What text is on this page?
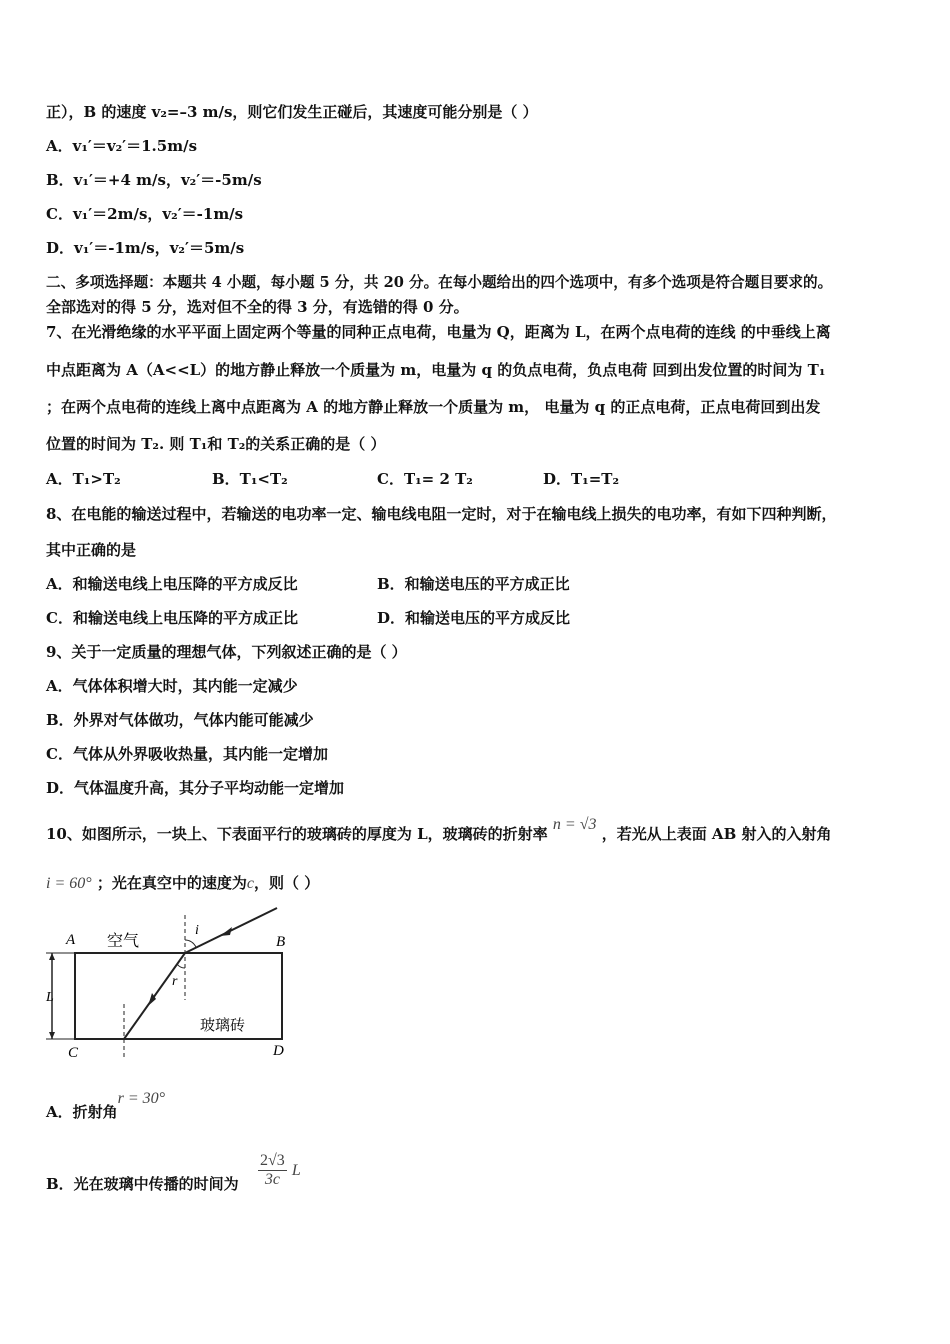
正），B 的速度 v₂=–3 m/s，则它们发生正碰后，其速度可能分别是（ ）
A．v₁′＝v₂′＝1.5m/s
B．v₁′＝+4 m/s，v₂′＝-5m/s
C．v₁′＝2m/s，v₂′＝-1m/s
D．v₁′＝-1m/s，v₂′＝5m/s
二、多项选择题：本题共 4 小题，每小题 5 分，共 20 分。在每小题给出的四个选项中，有多个选项是符合题目要求的。
全部选对的得 5 分，选对但不全的得 3 分，有选错的得 0 分。
7、在光滑绝缘的水平平面上固定两个等量的同种正点电荷，电量为 Q，距离为 L，在两个点电荷的连线 的中垂线上离
中点距离为 A（A<<L）的地方静止释放一个质量为 m，电量为 q 的负点电荷，负点电荷 回到出发位置的时间为 T₁
；在两个点电荷的连线上离中点距离为 A 的地方静止释放一个质量为 m， 电量为 q 的正点电荷，正点电荷回到出发
位置的时间为 T₂. 则 T₁和 T₂的关系正确的是（ ）
A．T₁>T₂	B．T₁<T₂	C．T₁= 2 T₂	D．T₁=T₂
8、在电能的输送过程中，若输送的电功率一定、输电线电阻一定时，对于在输电线上损失的电功率，有如下四种判断，
其中正确的是
A．和输送电线上电压降的平方成反比	B．和输送电压的平方成正比
C．和输送电线上电压降的平方成正比	D．和输送电压的平方成反比
9、关于一定质量的理想气体，下列叙述正确的是（ ）
A．气体体积增大时，其内能一定减少
B．外界对气体做功，气体内能可能减少
C．气体从外界吸收热量，其内能一定增加
D．气体温度升高，其分子平均动能一定增加
10、如图所示，一块上、下表面平行的玻璃砖的厚度为 L，玻璃砖的折射率 n = √3 ，若光从上表面 AB 射入的入射角
i = 60° ；光在真空中的速度为c，则（ ）
A	B
C	D
空气
玻璃砖
L
i
r
A．折射角r = 30°
B．光在玻璃中传播的时间为 $\frac{2√3}{3c}$ L
